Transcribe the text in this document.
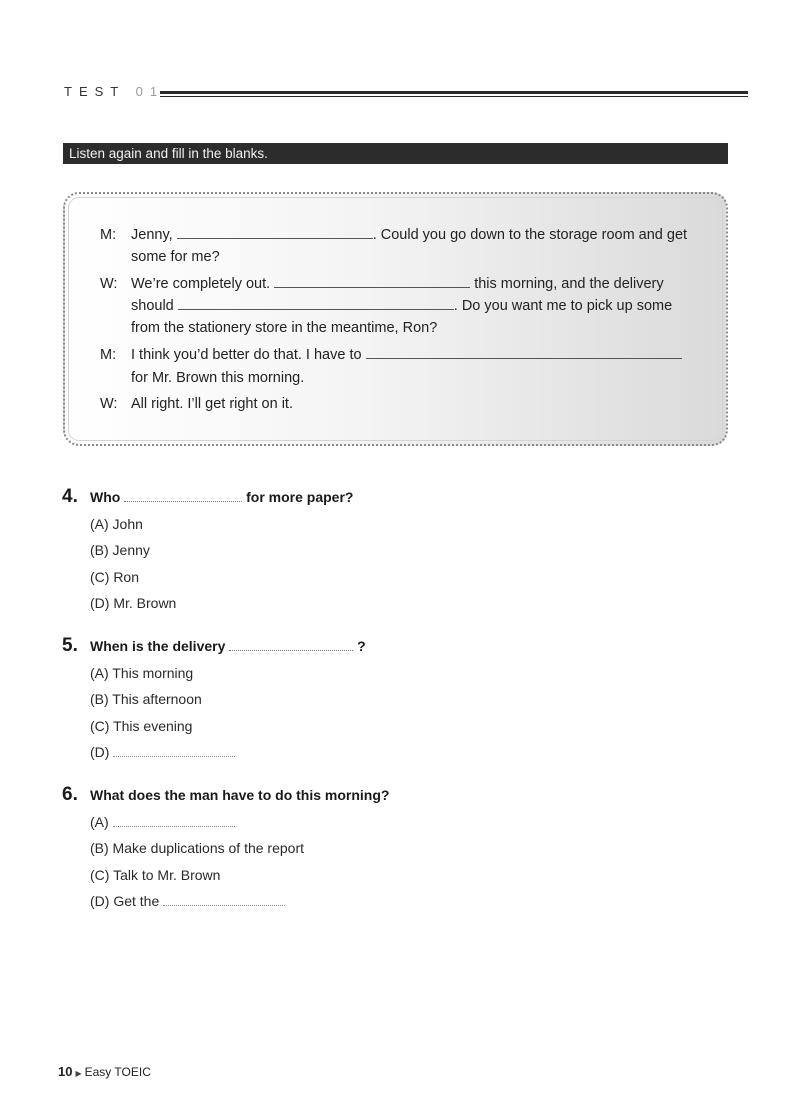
TEST 01
Listen again and fill in the blanks.
M: Jenny,	. Could you go down to the storage room and get
some for me?
W: We’re completely out.	this morning, and the delivery
should	. Do you want me to pick up some
from the stationery store in the meantime, Ron?
M: I think you’d better do that. I have to
for Mr. Brown this morning.
W: All right. I’ll get right on it.
4. Who	for more paper?
(A) John
(B) Jenny
(C) Ron
(D) Mr. Brown
5. When is the delivery	?
(A) This morning
(B) This afternoon
(C) This evening
(D)
6. What does the man have to do this morning?
(A)
(B) Make duplications of the report
(C) Talk to Mr. Brown
(D) Get the
10 ▶ Easy TOEIC
